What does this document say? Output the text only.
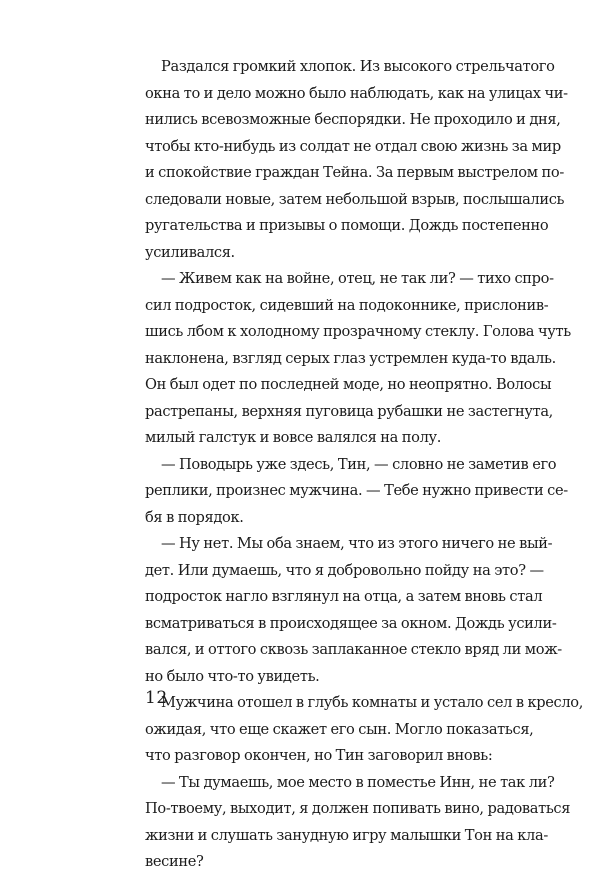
Раздался громкий хлопок. Из высокого стрельчатого
окна то и дело можно было наблюдать, как на улицах чи-
нились всевозможные беспорядки. Не проходило и дня,
чтобы кто-нибудь из солдат не отдал свою жизнь за мир
и спокойствие граждан Тейна. За первым выстрелом по-
следовали новые, затем небольшой взрыв, послышались
ругательства и призывы о помощи. Дождь постепенно
усиливался.
— Живем как на войне, отец, не так ли? — тихо спро-
сил подросток, сидевший на подоконнике, прислонив-
шись лбом к холодному прозрачному стеклу. Голова чуть
наклонена, взгляд серых глаз устремлен куда-то вдаль.
Он был одет по последней моде, но неопрятно. Волосы
растрепаны, верхняя пуговица рубашки не застегнута,
милый галстук и вовсе валялся на полу.
— Поводырь уже здесь, Тин, — словно не заметив его
реплики, произнес мужчина. — Тебе нужно привести се-
бя в порядок.
— Ну нет. Мы оба знаем, что из этого ничего не вый-
дет. Или думаешь, что я добровольно пойду на это? —
подросток нагло взглянул на отца, а затем вновь стал
всматриваться в происходящее за окном. Дождь усили-
вался, и оттого сквозь заплаканное стекло вряд ли мож-
но было что-то увидеть.
Мужчина отошел в глубь комнаты и устало сел в кресло,
ожидая, что еще скажет его сын. Могло показаться,
что разговор окончен, но Тин заговорил вновь:
— Ты думаешь, мое место в поместье Инн, не так ли?
По-твоему, выходит, я должен попивать вино, радоваться
жизни и слушать занудную игру малышки Тон на кла-
весине?
12
